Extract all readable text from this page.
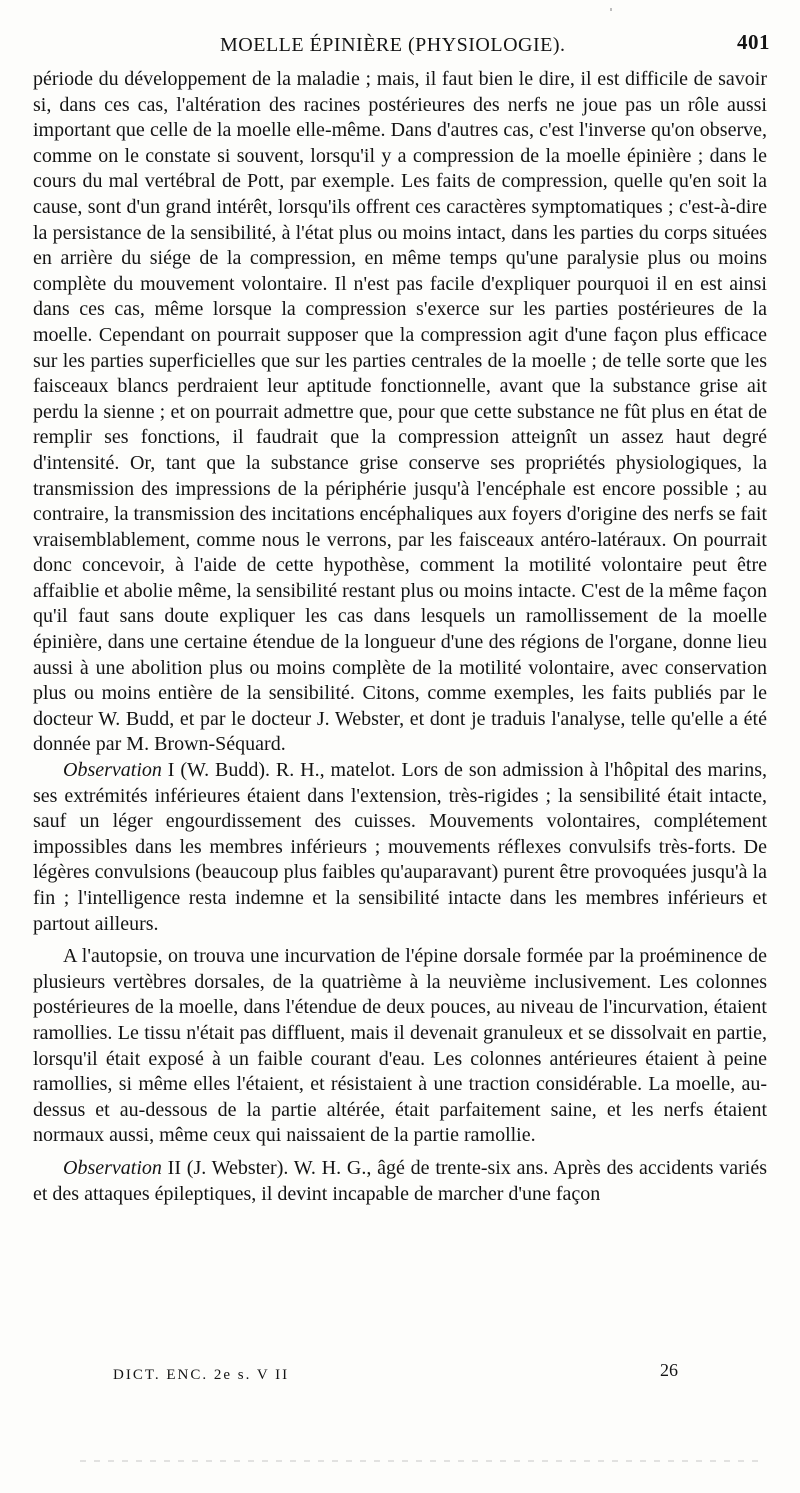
MOELLE ÉPINIÈRE (PHYSIOLOGIE).	401

période du développement de la maladie ; mais, il faut bien le dire, il est difficile de savoir si, dans ces cas, l'altération des racines postérieures des nerfs ne joue pas un rôle aussi important que celle de la moelle elle-même. Dans d'autres cas, c'est l'inverse qu'on observe, comme on le constate si souvent, lorsqu'il y a compression de la moelle épinière ; dans le cours du mal vertébral de Pott, par exemple. Les faits de compression, quelle qu'en soit la cause, sont d'un grand intérêt, lorsqu'ils offrent ces caractères symptomatiques ; c'est-à-dire la persistance de la sensibilité, à l'état plus ou moins intact, dans les parties du corps situées en arrière du siége de la compression, en même temps qu'une paralysie plus ou moins complète du mouvement volontaire. Il n'est pas facile d'expliquer pourquoi il en est ainsi dans ces cas, même lorsque la compression s'exerce sur les parties postérieures de la moelle. Cependant on pourrait supposer que la compression agit d'une façon plus efficace sur les parties superficielles que sur les parties centrales de la moelle ; de telle sorte que les faisceaux blancs perdraient leur aptitude fonctionnelle, avant que la substance grise ait perdu la sienne ; et on pourrait admettre que, pour que cette substance ne fût plus en état de remplir ses fonctions, il faudrait que la compression atteignît un assez haut degré d'intensité. Or, tant que la substance grise conserve ses propriétés physiologiques, la transmission des impressions de la périphérie jusqu'à l'encéphale est encore possible ; au contraire, la transmission des incitations encéphaliques aux foyers d'origine des nerfs se fait vraisemblablement, comme nous le verrons, par les faisceaux antéro-latéraux. On pourrait donc concevoir, à l'aide de cette hypothèse, comment la motilité volontaire peut être affaiblie et abolie même, la sensibilité restant plus ou moins intacte. C'est de la même façon qu'il faut sans doute expliquer les cas dans lesquels un ramollissement de la moelle épinière, dans une certaine étendue de la longueur d'une des régions de l'organe, donne lieu aussi à une abolition plus ou moins complète de la motilité volontaire, avec conservation plus ou moins entière de la sensibilité. Citons, comme exemples, les faits publiés par le docteur W. Budd, et par le docteur J. Webster, et dont je traduis l'analyse, telle qu'elle a été donnée par M. Brown-Séquard.

Observation I (W. Budd). R. H., matelot. Lors de son admission à l'hôpital des marins, ses extrémités inférieures étaient dans l'extension, très-rigides ; la sensibilité était intacte, sauf un léger engourdissement des cuisses. Mouvements volontaires, complétement impossibles dans les membres inférieurs ; mouvements réflexes convulsifs très-forts. De légères convulsions (beaucoup plus faibles qu'auparavant) purent être provoquées jusqu'à la fin ; l'intelligence resta indemne et la sensibilité intacte dans les membres inférieurs et partout ailleurs.

A l'autopsie, on trouva une incurvation de l'épine dorsale formée par la proéminence de plusieurs vertèbres dorsales, de la quatrième à la neuvième inclusivement. Les colonnes postérieures de la moelle, dans l'étendue de deux pouces, au niveau de l'incurvation, étaient ramollies. Le tissu n'était pas diffluent, mais il devenait granuleux et se dissolvait en partie, lorsqu'il était exposé à un faible courant d'eau. Les colonnes antérieures étaient à peine ramollies, si même elles l'étaient, et résistaient à une traction considérable. La moelle, au-dessus et au-dessous de la partie altérée, était parfaitement saine, et les nerfs étaient normaux aussi, même ceux qui naissaient de la partie ramollie.

Observation II (J. Webster). W. H. G., âgé de trente-six ans. Après des accidents variés et des attaques épileptiques, il devint incapable de marcher d'une façon

DICT. ENC. 2e s. V II	26
